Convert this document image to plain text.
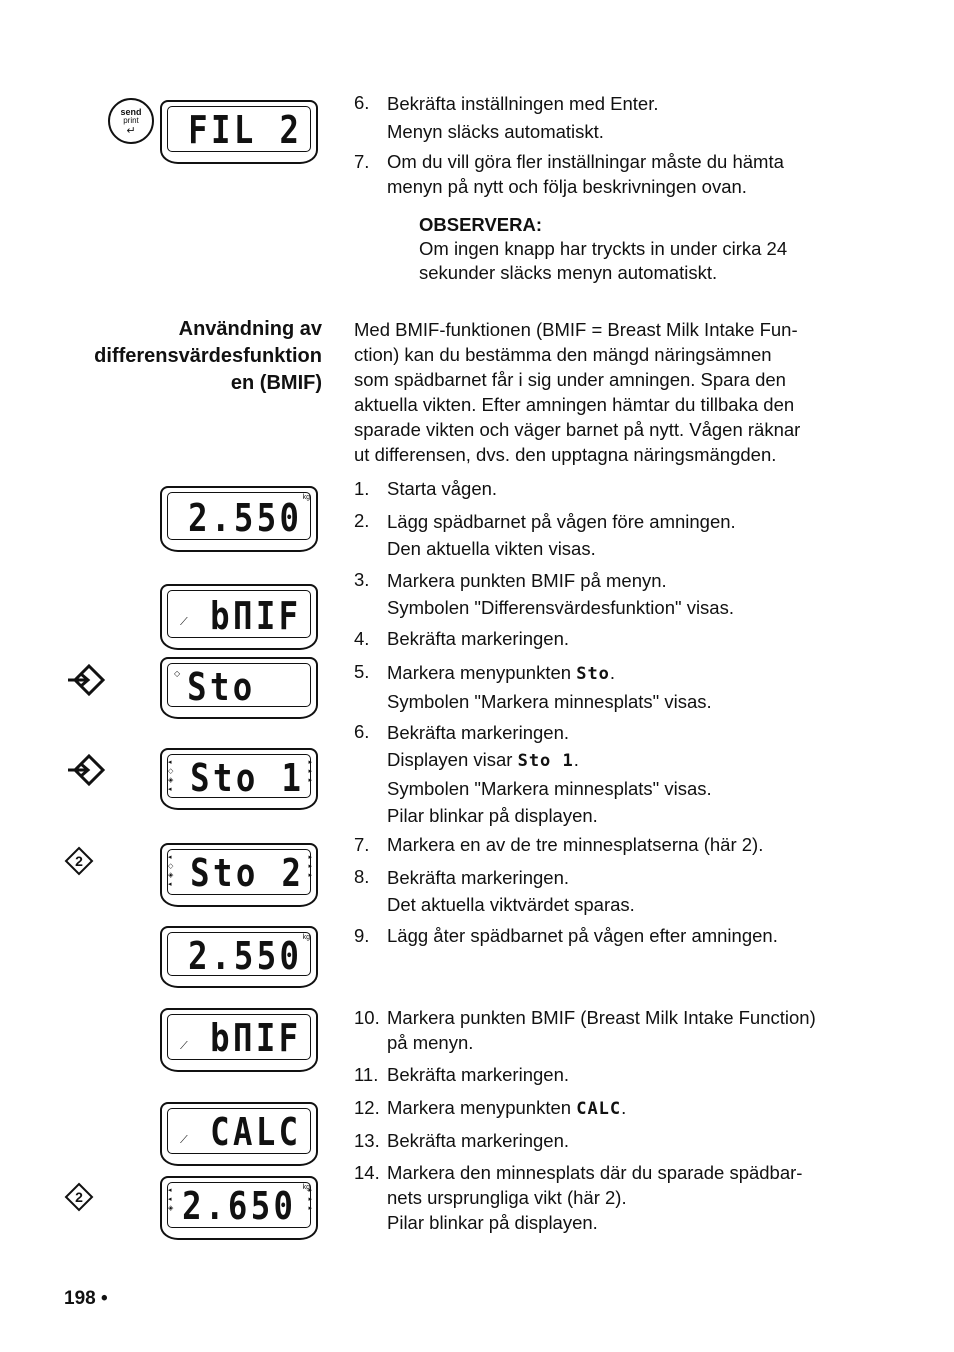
send
print
↵	FIL 2
6. Bekräfta inställningen med Enter.
Menyn släcks automatiskt.
7. Om du vill göra fler inställningar måste du hämta
menyn på nytt och följa beskrivningen ovan.
OBSERVERA:
Om ingen knapp har tryckts in under cirka 24
sekunder släcks menyn automatiskt.
Användning av
differensvärdesfunktion
en (BMIF)
Med BMIF-funktionen (BMIF = Breast Milk Intake Fun-
ction) kan du bestämma den mängd näringsämnen
som spädbarnet får i sig under amningen. Spara den
aktuella vikten. Efter amningen hämtar du tillbaka den
sparade vikten och väger barnet på nytt. Vågen räknar
ut differensen, dvs. den upptagna näringsmängden.
2.550 kg
⟋ bΠIF
◇ Sto
◂
◇
◈
◂
▸
▸
▸
Sto 1
2	◂
◇
◈
◂
▸
▸
▸
Sto 2
2.550 kg
⟋ bΠIF
⟋ CALC
2	◂
◂
◈
▸
▸
▸
2.650 kg
1. Starta vågen.
2. Lägg spädbarnet på vågen före amningen.
Den aktuella vikten visas.
3. Markera punkten BMIF på menyn.
Symbolen "Differensvärdesfunktion" visas.
4. Bekräfta markeringen.
5. Markera menypunkten Sto.
Symbolen "Markera minnesplats" visas.
6. Bekräfta markeringen.
Displayen visar Sto 1.
Symbolen "Markera minnesplats" visas.
Pilar blinkar på displayen.
7. Markera en av de tre minnesplatserna (här 2).
8. Bekräfta markeringen.
Det aktuella viktvärdet sparas.
9. Lägg åter spädbarnet på vågen efter amningen.
10. Markera punkten BMIF (Breast Milk Intake Function)
på menyn.
11. Bekräfta markeringen.
12. Markera menypunkten CALC.
13. Bekräfta markeringen.
14. Markera den minnesplats där du sparade spädbar-
nets ursprungliga vikt (här 2).
Pilar blinkar på displayen.
198 •
